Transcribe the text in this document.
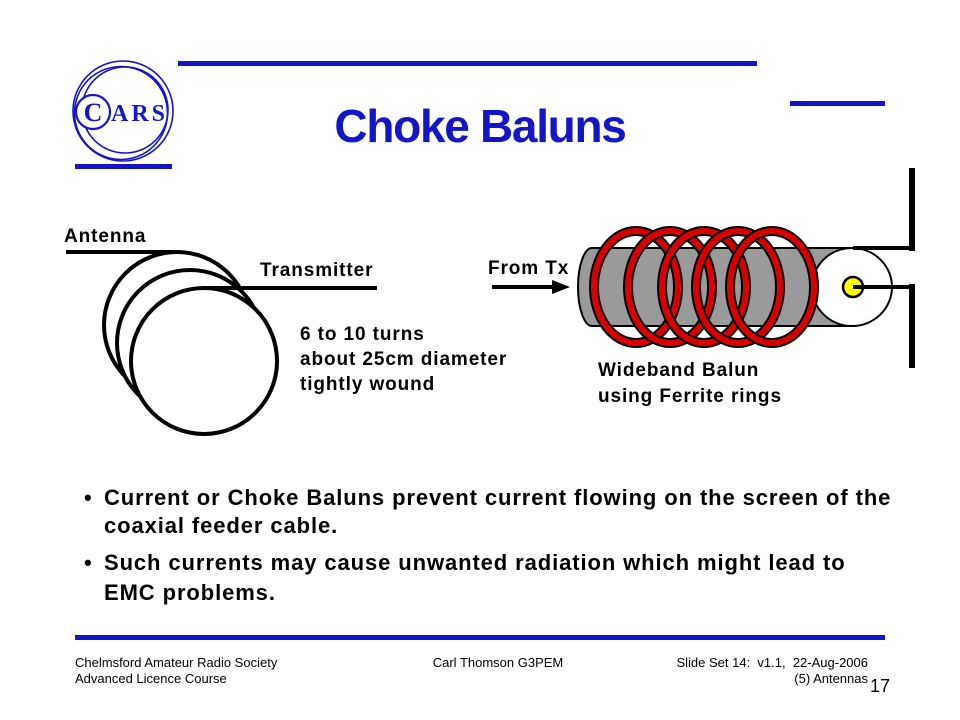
C ARS	Choke Baluns
Antenna
Transmitter
6 to 10 turns
about 25cm diameter
tightly wound
From Tx
Wideband Balun
using Ferrite rings
• Current or Choke Baluns prevent current flowing on the screen of the
coaxial feeder cable.
• Such currents may cause unwanted radiation which might lead to
EMC problems.
Chelmsford Amateur Radio Society
Advanced Licence Course
Carl Thomson G3PEM	Slide Set 14:  v1.1,  22-Aug-2006
(5) Antennas 17
